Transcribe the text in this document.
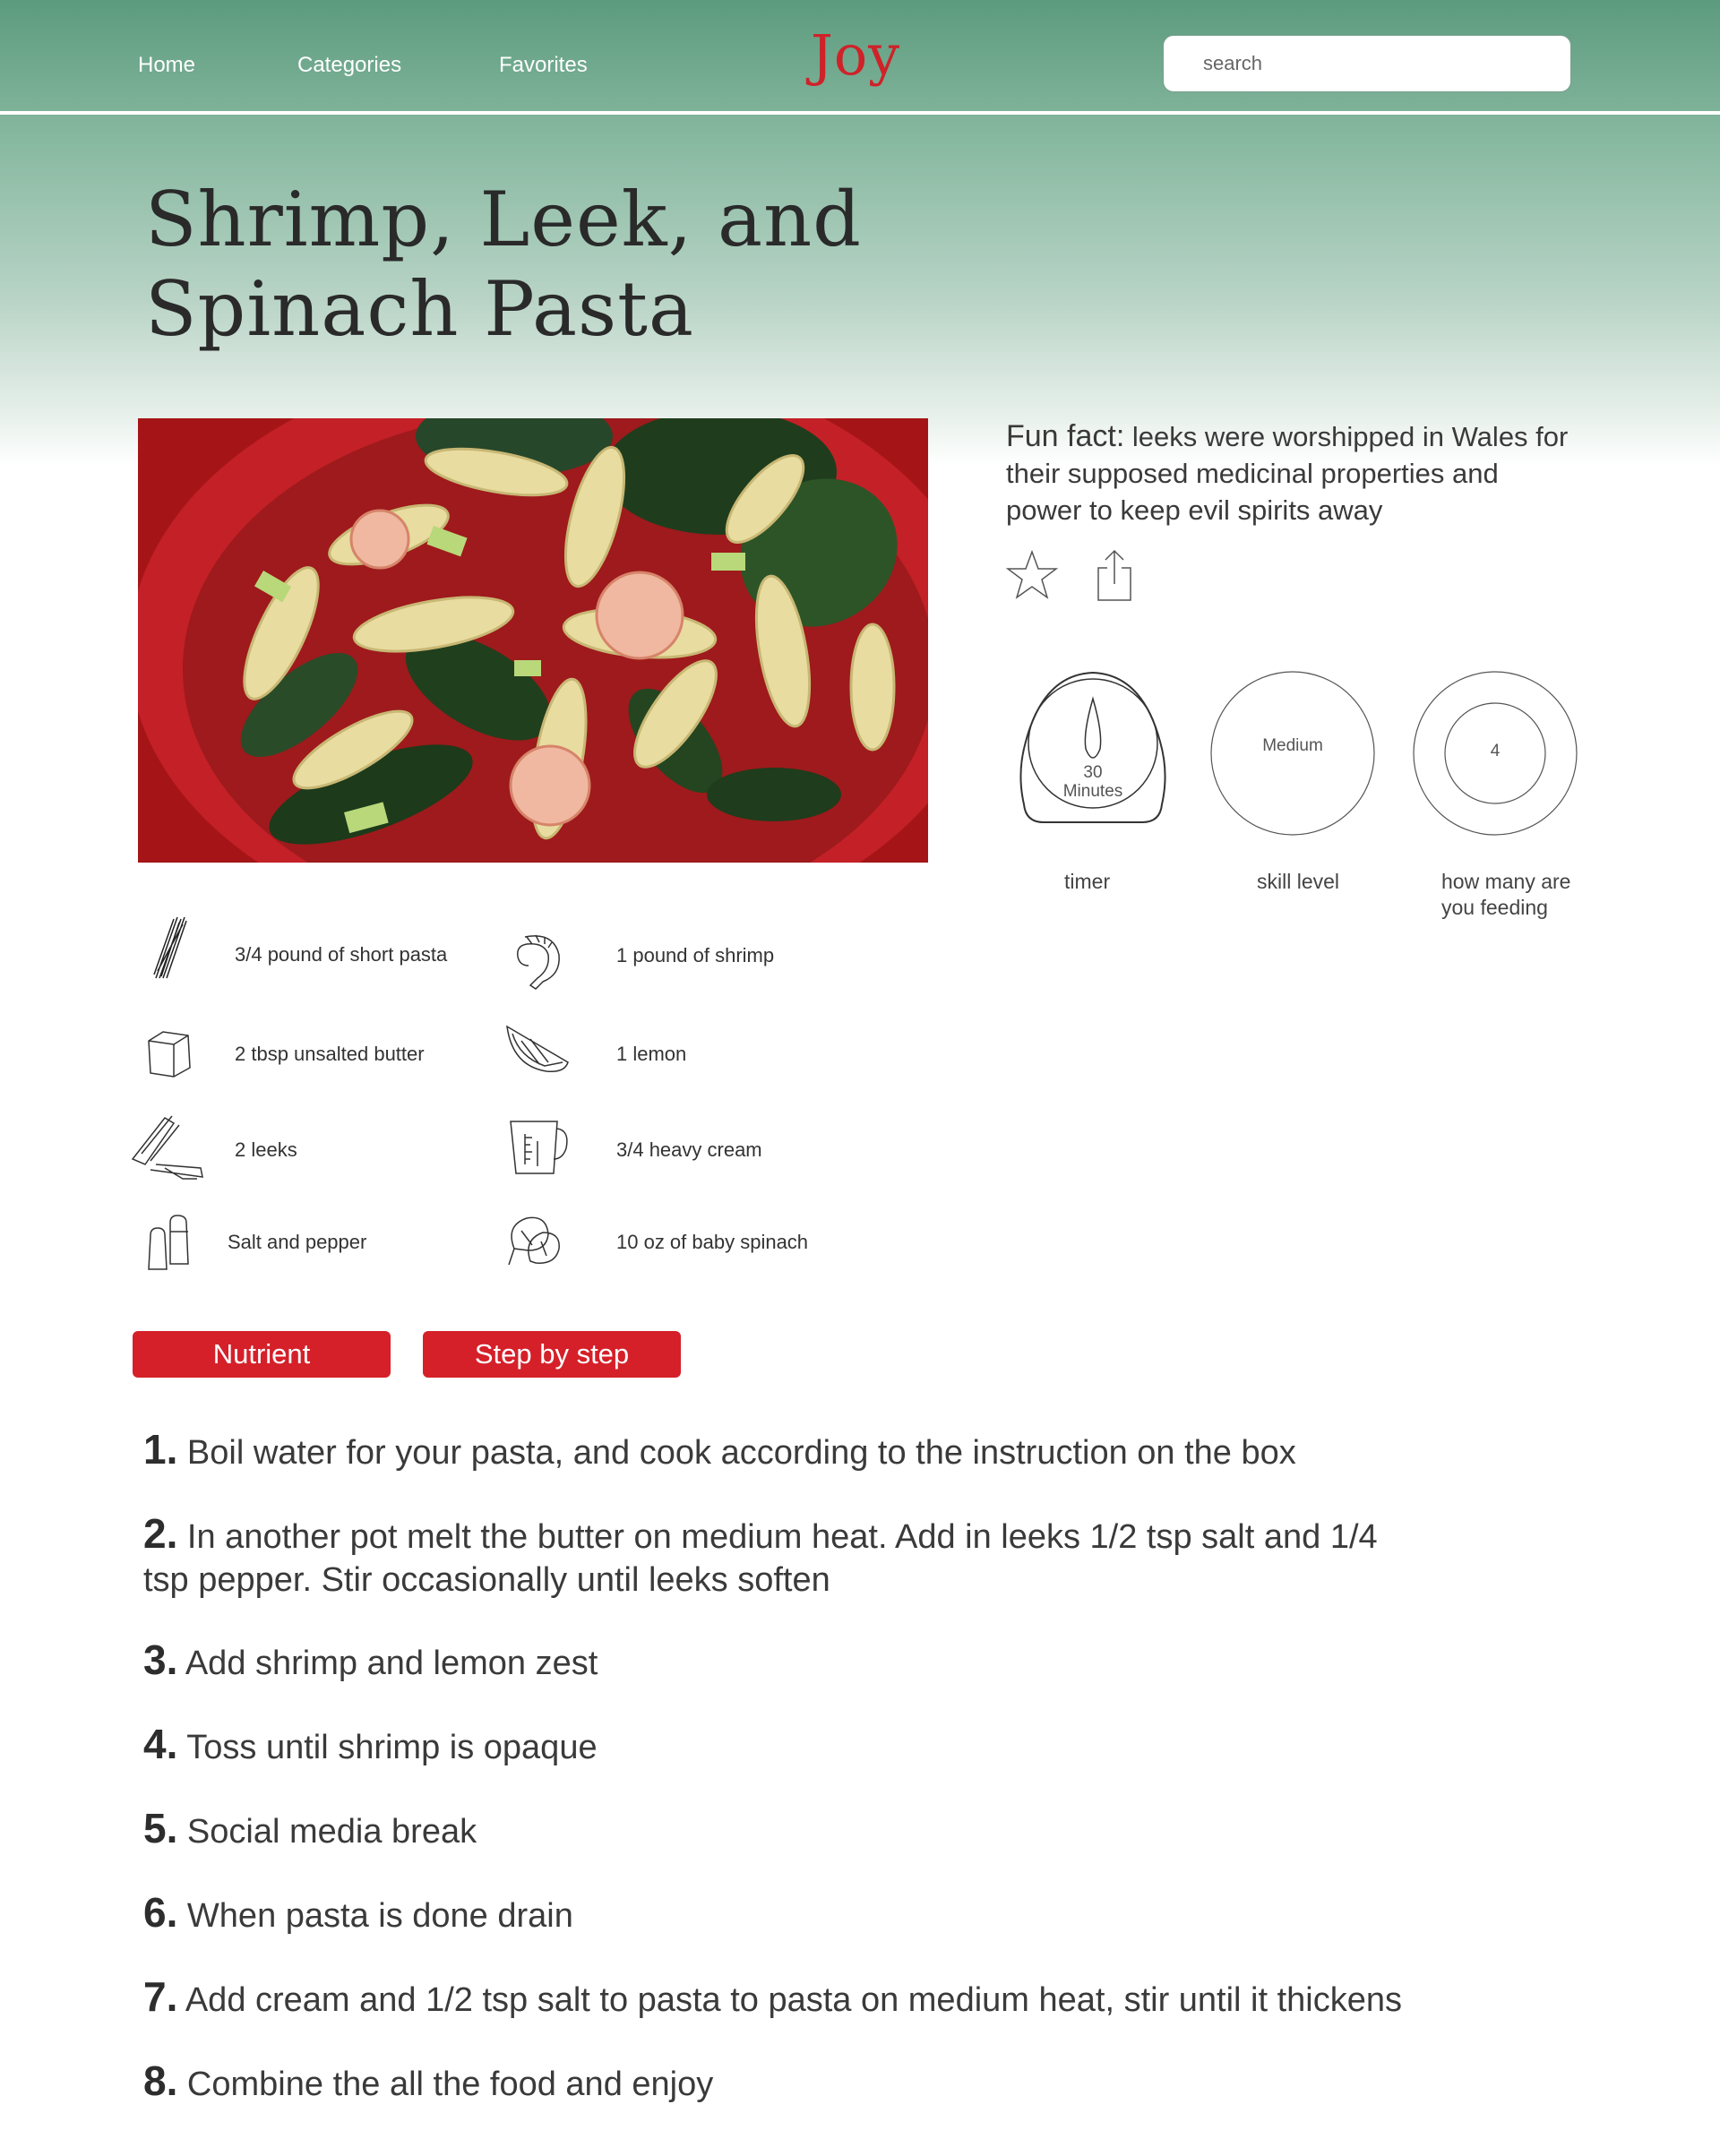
Home	Categories	Favorites	Joy
search
Shrimp, Leek, and
Spinach Pasta
Fun fact: leeks were worshipped in Wales for their supposed medicinal properties and power to keep evil spirits away
30
Minutes
timer
Medium
skill level
4
how many are
you feeding
3/4 pound of short pasta	1 pound of shrimp
2 tbsp unsalted butter	1 lemon
2 leeks	3/4 heavy cream
Salt and pepper	10 oz of baby spinach
Nutrient	Step by step
1. Boil water for your pasta, and cook according to the instruction on the box
2. In another pot melt the butter on medium heat. Add in leeks 1/2 tsp salt and 1/4 tsp pepper. Stir occasionally until leeks soften
3. Add shrimp and lemon zest
4. Toss until shrimp is opaque
5. Social media break
6. When pasta is done drain
7. Add cream and 1/2 tsp salt to pasta to pasta on medium heat, stir until it thickens
8. Combine the all the food and enjoy
